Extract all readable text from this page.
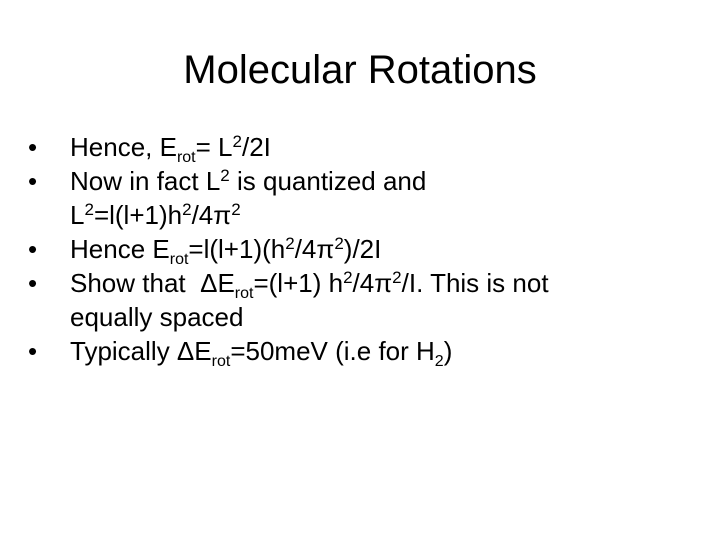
Molecular Rotations
• Hence, $E_{rot}= L^2/2I$
• Now in fact $L^2$ is quantized and
$L^2=l(l+1)h^2/4\pi^2$
• Hence $E_{rot}=l(l+1)(h^2/4\pi^2)/2I$
• Show that  $\Delta E_{rot}=(l+1)$ $h^2/4\pi^2/I$. This is not
equally spaced
• Typically $\Delta E_{rot}=50meV$ (i.e for $H_2$)
